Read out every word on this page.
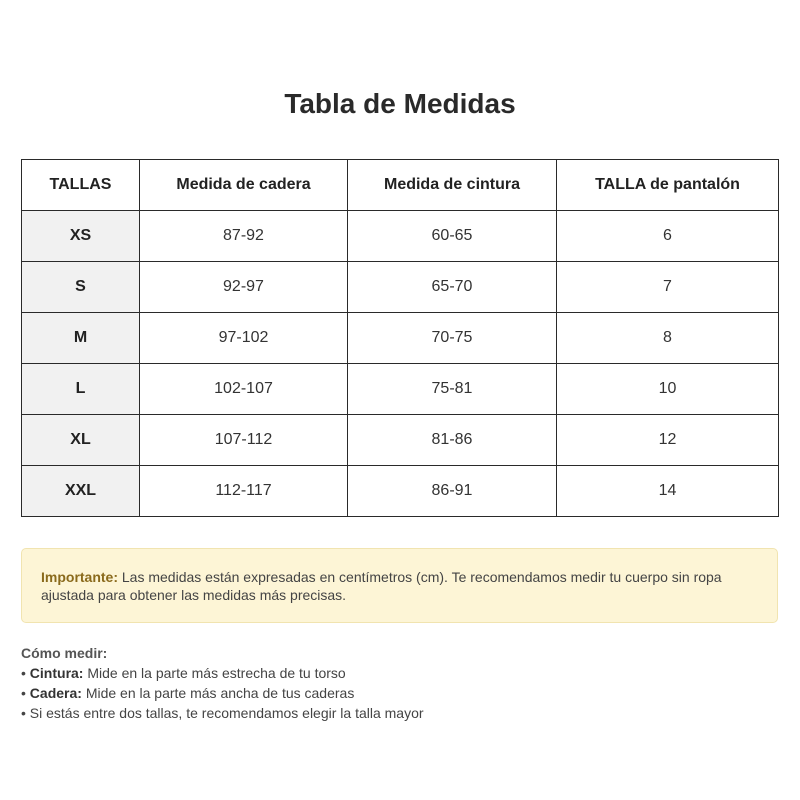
Tabla de Medidas
TALLAS	Medida de cadera	Medida de cintura	TALLA de pantalón
XS	87-92	60-65	6
S	92-97	65-70	7
M	97-102	70-75	8
L	102-107	75-81	10
XL	107-112	81-86	12
XXL	112-117	86-91	14
Importante: Las medidas están expresadas en centímetros (cm). Te recomendamos medir tu cuerpo sin ropa ajustada para obtener las medidas más precisas.
Cómo medir:
• Cintura: Mide en la parte más estrecha de tu torso
• Cadera: Mide en la parte más ancha de tus caderas
• Si estás entre dos tallas, te recomendamos elegir la talla mayor
